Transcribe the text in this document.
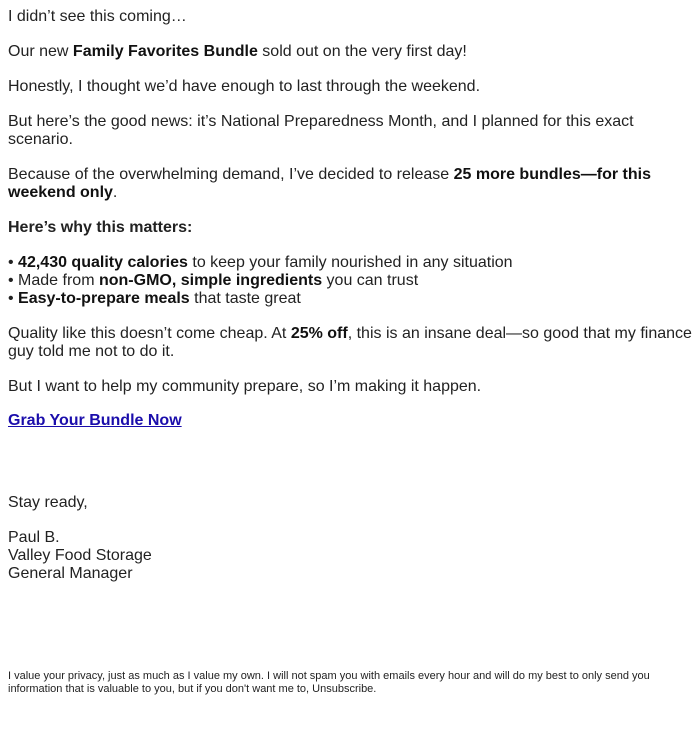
I didn’t see this coming…

Our new Family Favorites Bundle sold out on the very first day!

Honestly, I thought we’d have enough to last through the weekend.

But here’s the good news: it’s National Preparedness Month, and I planned for this exact scenario.

Because of the overwhelming demand, I’ve decided to release 25 more bundles—for this weekend only.

Here’s why this matters:

• 42,430 quality calories to keep your family nourished in any situation
• Made from non-GMO, simple ingredients you can trust
• Easy-to-prepare meals that taste great

Quality like this doesn’t come cheap. At 25% off, this is an insane deal—so good that my finance guy told me not to do it.

But I want to help my community prepare, so I’m making it happen.

Grab Your Bundle Now

Stay ready,

Paul B.
Valley Food Storage
General Manager
I value your privacy, just as much as I value my own. I will not spam you with emails every hour and will do my best to only send you information that is valuable to you, but if you don't want me to, Unsubscribe.
